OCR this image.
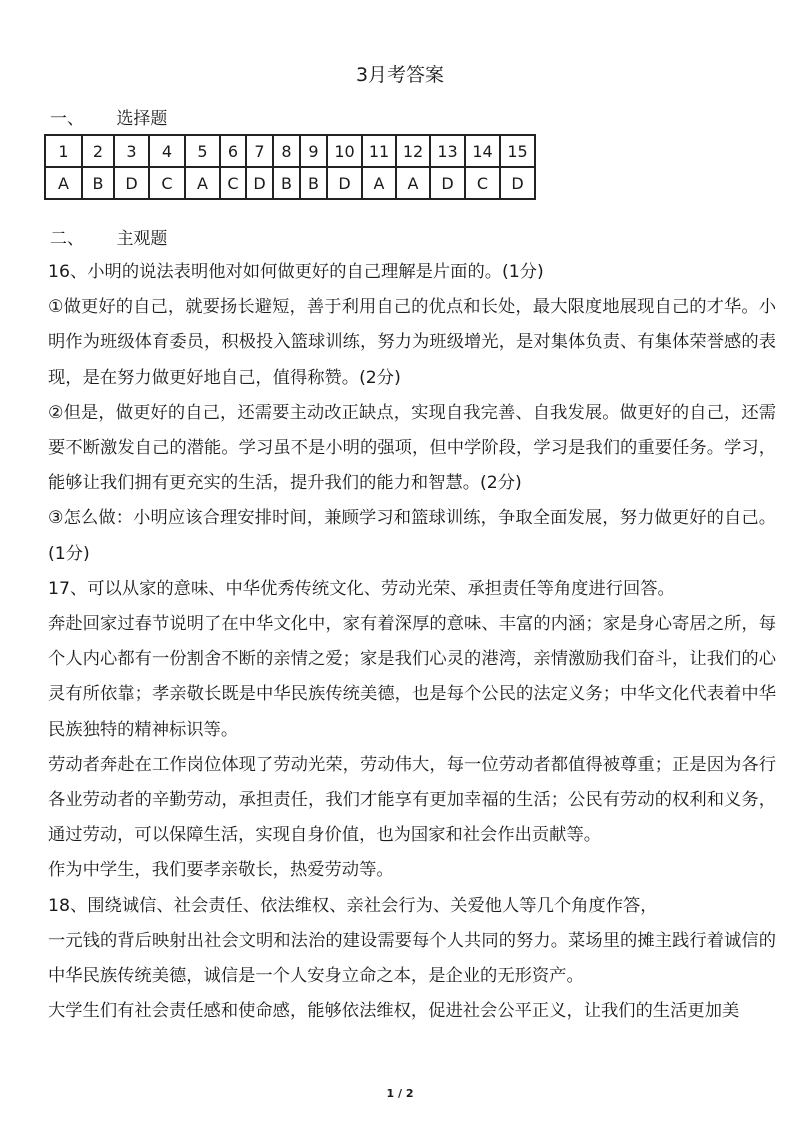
3月考答案
一、 选择题
1	2	3	4	5	6	7	8	9	10	11	12	13	14	15
A	B	D	C	A	C	D	B	B	D	A	A	D	C	D
二、 主观题

16、小明的说法表明他对如何做更好的自己理解是片面的。(1分)

①做更好的自己，就要扬长避短，善于利用自己的优点和长处，最大限度地展现自己的才华。小明作为班级体育委员，积极投入篮球训练，努力为班级增光，是对集体负责、有集体荣誉感的表现，是在努力做更好地自己，值得称赞。(2分)

②但是，做更好的自己，还需要主动改正缺点，实现自我完善、自我发展。做更好的自己，还需要不断激发自己的潜能。学习虽不是小明的强项，但中学阶段，学习是我们的重要任务。学习，能够让我们拥有更充实的生活，提升我们的能力和智慧。(2分)

③怎么做：小明应该合理安排时间，兼顾学习和篮球训练，争取全面发展，努力做更好的自己。(1分)

17、可以从家的意味、中华优秀传统文化、劳动光荣、承担责任等角度进行回答。

奔赴回家过春节说明了在中华文化中，家有着深厚的意味、丰富的内涵；家是身心寄居之所，每个人内心都有一份割舍不断的亲情之爱；家是我们心灵的港湾，亲情激励我们奋斗，让我们的心灵有所依靠；孝亲敬长既是中华民族传统美德，也是每个公民的法定义务；中华文化代表着中华民族独特的精神标识等。

劳动者奔赴在工作岗位体现了劳动光荣，劳动伟大，每一位劳动者都值得被尊重；正是因为各行各业劳动者的辛勤劳动，承担责任，我们才能享有更加幸福的生活；公民有劳动的权利和义务，通过劳动，可以保障生活，实现自身价值，也为国家和社会作出贡献等。

作为中学生，我们要孝亲敬长，热爱劳动等。

18、围绕诚信、社会责任、依法维权、亲社会行为、关爱他人等几个角度作答，

一元钱的背后映射出社会文明和法治的建设需要每个人共同的努力。菜场里的摊主践行着诚信的中华民族传统美德，诚信是一个人安身立命之本，是企业的无形资产。

大学生们有社会责任感和使命感，能够依法维权，促进社会公平正义，让我们的生活更加美

1 / 2
